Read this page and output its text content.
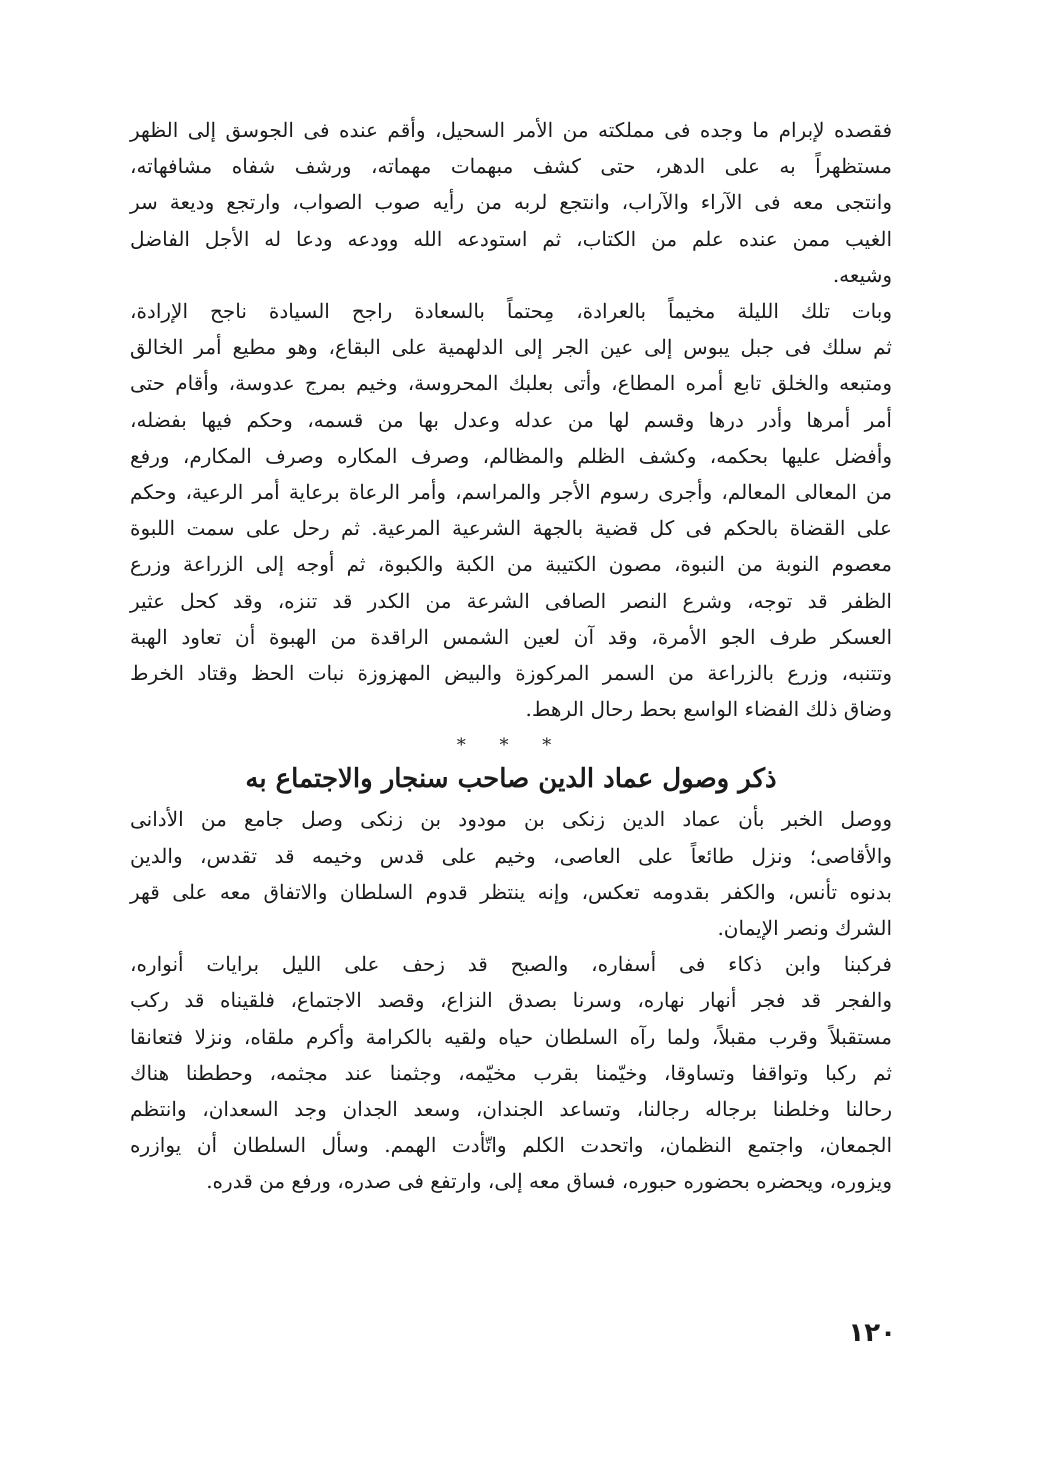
فقصده لإبرام ما وجده فى مملكته من الأمر السحيل، وأقم عنده فى الجوسق إلى الظهر
مستظهراً به على الدهر، حتى كشف مبهمات مهماته، ورشف شفاه مشافهاته،
وانتجى معه فى الآراء والآراب، وانتجع لربه من رأيه صوب الصواب، وارتجع وديعة سر
الغيب ممن عنده علم من الكتاب، ثم استودعه الله وودعه ودعا له الأجل الفاضل
وشيعه.
وبات تلك الليلة مخيماً بالعرادة، مِحتماً بالسعادة راجح السيادة ناجح الإرادة،
ثم سلك فى جبل يبوس إلى عين الجر إلى الدلهمية على البقاع، وهو مطيع أمر الخالق
ومتبعه والخلق تابع أمره المطاع، وأتى بعلبك المحروسة، وخيم بمرج عدوسة، وأقام حتى
أمر أمرها وأدر درها وقسم لها من عدله وعدل بها من قسمه، وحكم فيها بفضله،
وأفضل عليها بحكمه، وكشف الظلم والمظالم، وصرف المكاره وصرف المكارم، ورفع
من المعالى المعالم، وأجرى رسوم الأجر والمراسم، وأمر الرعاة برعاية أمر الرعية، وحكم
على القضاة بالحكم فى كل قضية بالجهة الشرعية المرعية. ثم رحل على سمت اللبوة
معصوم النوبة من النبوة، مصون الكتيبة من الكبة والكبوة، ثم أوجه إلى الزراعة وزرع
الظفر قد توجه، وشرع النصر الصافى الشرعة من الكدر قد تنزه، وقد كحل عثير
العسكر طرف الجو الأمرة، وقد آن لعين الشمس الراقدة من الهبوة أن تعاود الهبة
وتتنبه، وزرع بالزراعة من السمر المركوزة والبيض المهزوزة نبات الحظ وقتاد الخرط
وضاق ذلك الفضاء الواسع بحط رحال الرهط.
* * *
ذكر وصول عماد الدين صاحب سنجار والاجتماع به
ووصل الخبر بأن عماد الدين زنكى بن مودود بن زنكى وصل جامع من الأدانى
والأقاصى؛ ونزل طائعاً على العاصى، وخيم على قدس وخيمه قد تقدس، والدين
بدنوه تأنس، والكفر بقدومه تعكس، وإنه ينتظر قدوم السلطان والاتفاق معه على قهر
الشرك ونصر الإيمان.
فركبنا وابن ذكاء فى أسفاره، والصبح قد زحف على الليل برايات أنواره،
والفجر قد فجر أنهار نهاره، وسرنا بصدق النزاع، وقصد الاجتماع، فلقيناه قد ركب
مستقبلاً وقرب مقبلاً، ولما رآه السلطان حياه ولقيه بالكرامة وأكرم ملقاه، ونزلا فتعانقا
ثم ركبا وتواقفا وتساوقا، وخيّمنا بقرب مخيّمه، وجثمنا عند مجثمه، وحططنا هناك
رحالنا وخلطنا برجاله رجالنا، وتساعد الجندان، وسعد الجدان وجد السعدان، وانتظم
الجمعان، واجتمع النظمان، واتحدت الكلم واتّأدت الهمم. وسأل السلطان أن يوازره
ويزوره، ويحضره بحضوره حبوره، فساق معه إلى، وارتفع فى صدره، ورفع من قدره.
١٢٠
